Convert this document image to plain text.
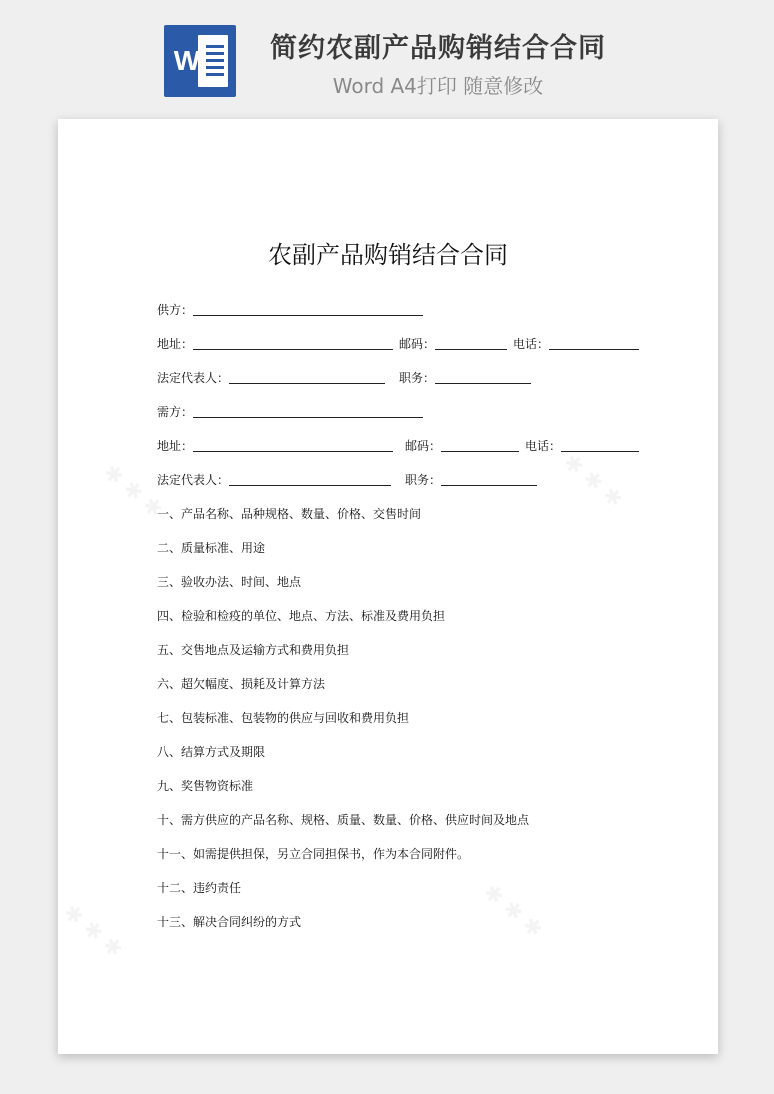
W	简约农副产品购销结合合同
Word A4打印 随意修改
农副产品购销结合合同
供方：
地址：	邮码：	电话：
法定代表人：	职务：
需方：
地址：	邮码：	电话：
法定代表人：	职务：
一、产品名称、品种规格、数量、价格、交售时间
二、质量标准、用途
三、验收办法、时间、地点
四、检验和检疫的单位、地点、方法、标准及费用负担
五、交售地点及运输方式和费用负担
六、超欠幅度、损耗及计算方法
七、包装标准、包装物的供应与回收和费用负担
八、结算方式及期限
九、奖售物资标准
十、需方供应的产品名称、规格、质量、数量、价格、供应时间及地点
十一、如需提供担保，另立合同担保书，作为本合同附件。
十二、违约责任
十三、解决合同纠纷的方式
